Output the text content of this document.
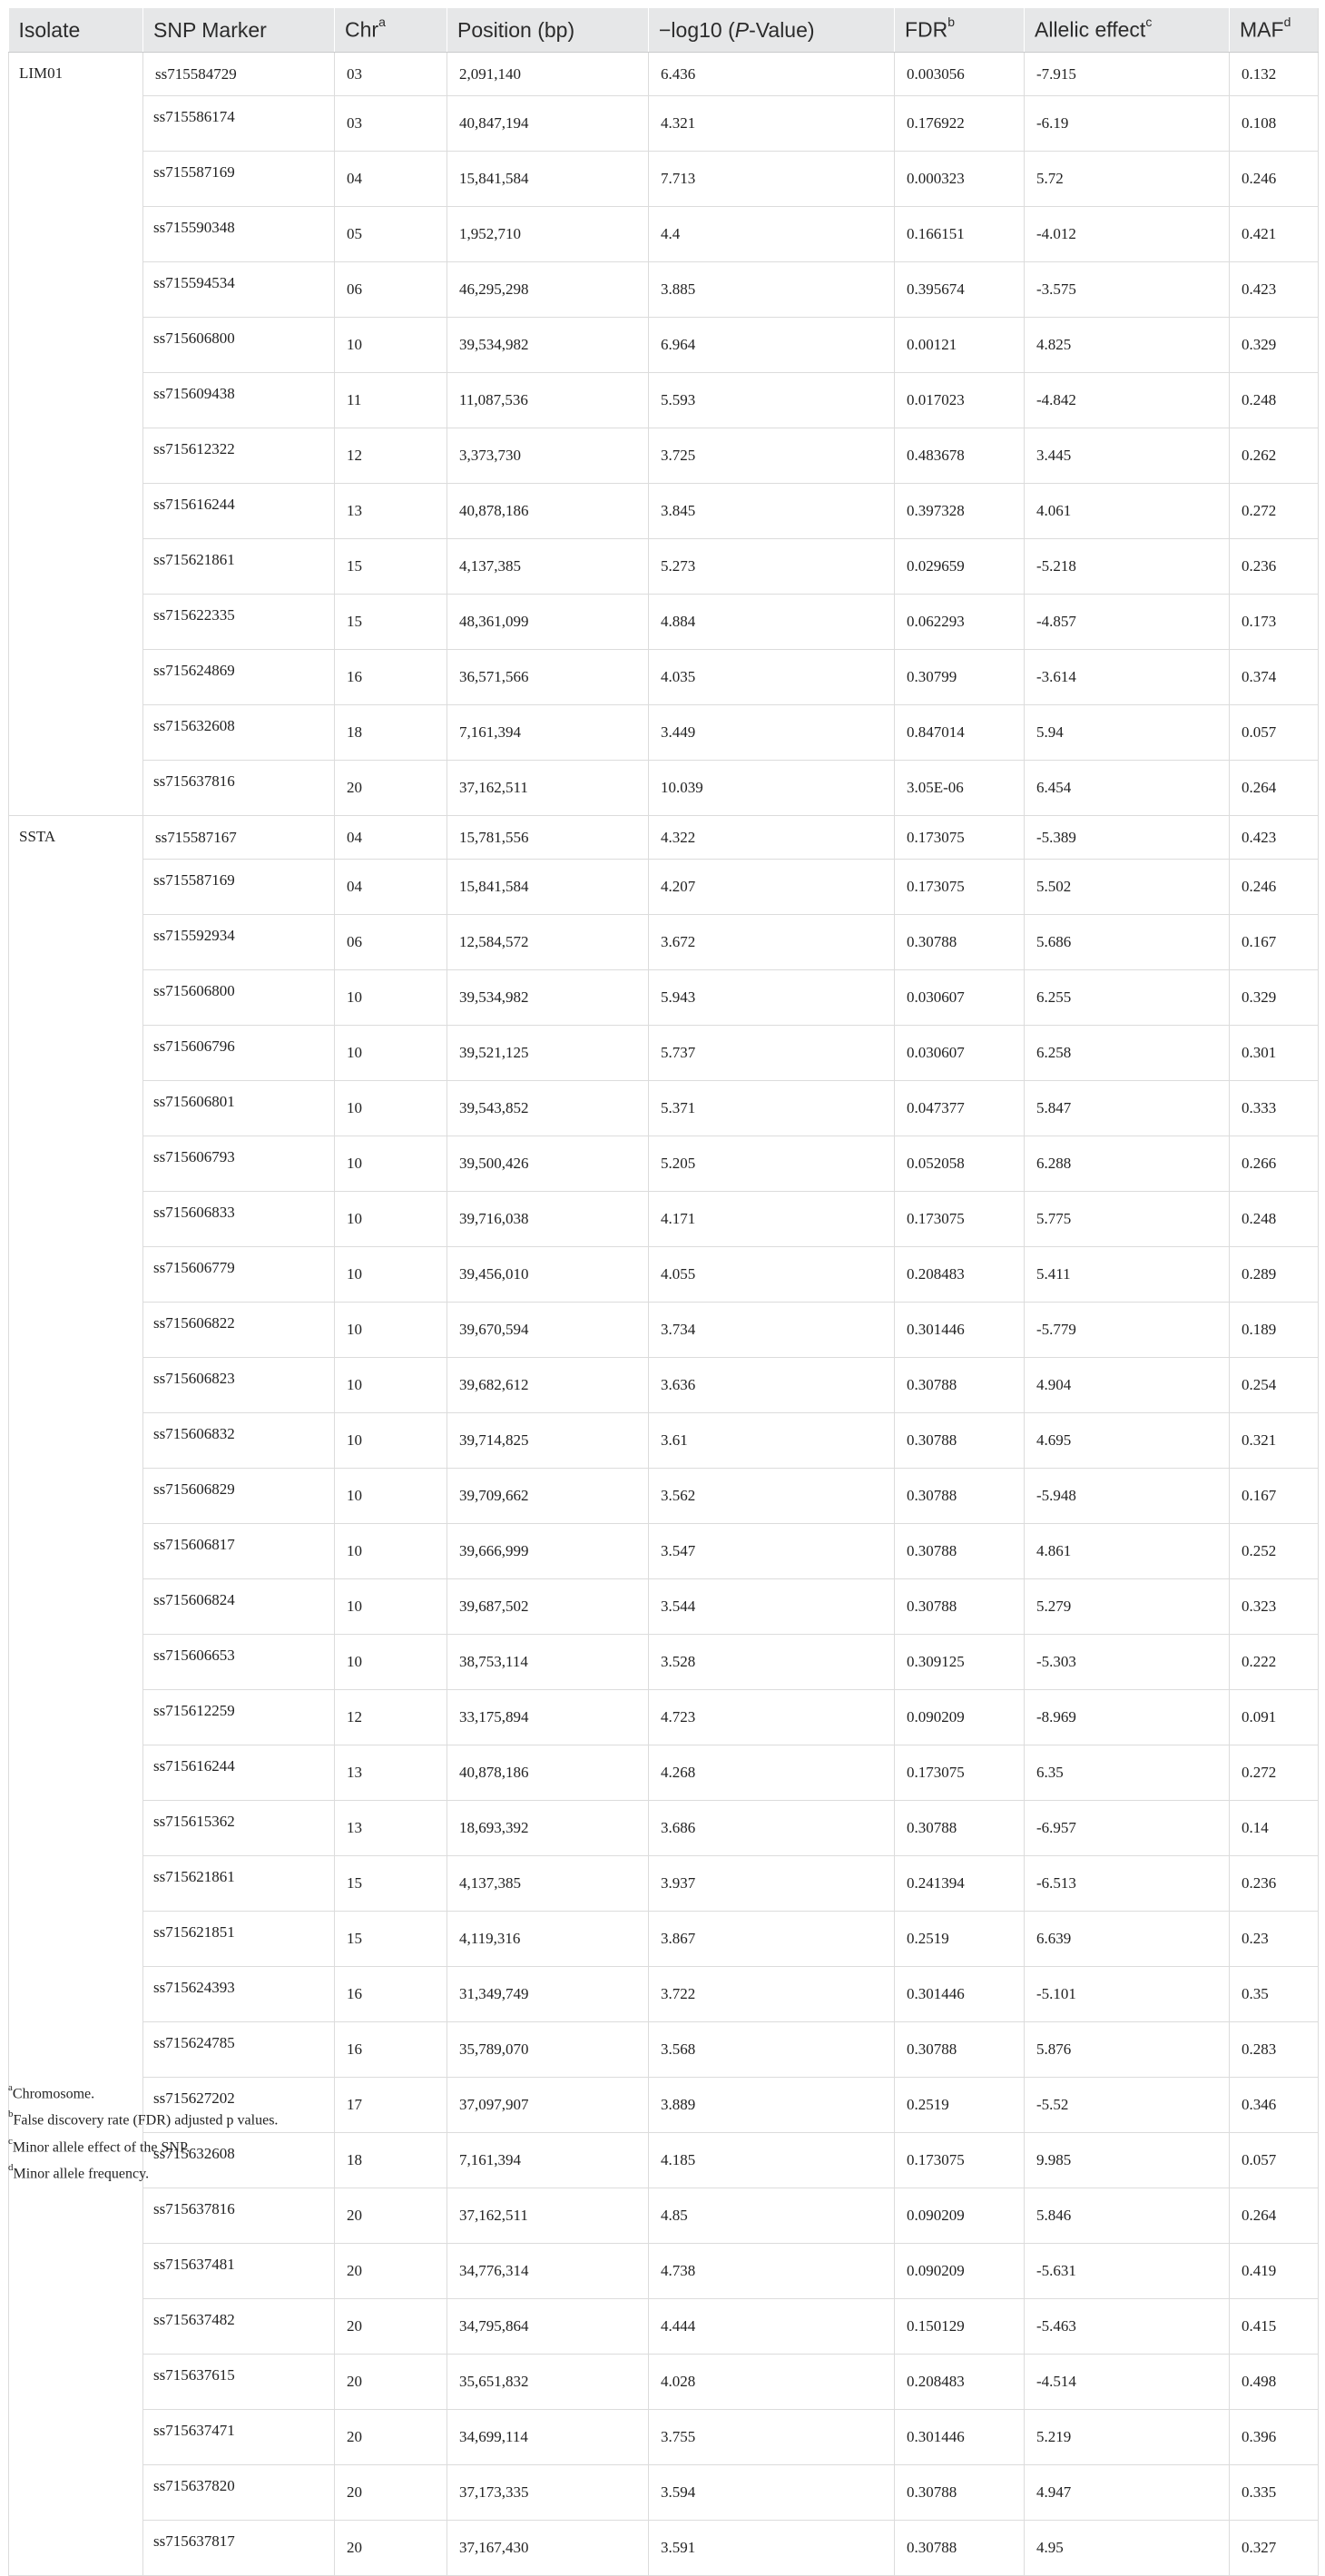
Isolate	SNP Marker	Chr$^a$	Position (bp)	−log10 (P-Value)	FDR$^b$	Allelic effect$^c$	MAF$^d$
LIM01	ss715584729	03	2,091,140	6.436	0.003056	-7.915	0.132
	ss715586174	03	40,847,194	4.321	0.176922	-6.19	0.108
	ss715587169	04	15,841,584	7.713	0.000323	5.72	0.246
	ss715590348	05	1,952,710	4.4	0.166151	-4.012	0.421
	ss715594534	06	46,295,298	3.885	0.395674	-3.575	0.423
	ss715606800	10	39,534,982	6.964	0.00121	4.825	0.329
	ss715609438	11	11,087,536	5.593	0.017023	-4.842	0.248
	ss715612322	12	3,373,730	3.725	0.483678	3.445	0.262
	ss715616244	13	40,878,186	3.845	0.397328	4.061	0.272
	ss715621861	15	4,137,385	5.273	0.029659	-5.218	0.236
	ss715622335	15	48,361,099	4.884	0.062293	-4.857	0.173
	ss715624869	16	36,571,566	4.035	0.30799	-3.614	0.374
	ss715632608	18	7,161,394	3.449	0.847014	5.94	0.057
	ss715637816	20	37,162,511	10.039	3.05E-06	6.454	0.264
SSTA	ss715587167	04	15,781,556	4.322	0.173075	-5.389	0.423
	ss715587169	04	15,841,584	4.207	0.173075	5.502	0.246
	ss715592934	06	12,584,572	3.672	0.30788	5.686	0.167
	ss715606800	10	39,534,982	5.943	0.030607	6.255	0.329
	ss715606796	10	39,521,125	5.737	0.030607	6.258	0.301
	ss715606801	10	39,543,852	5.371	0.047377	5.847	0.333
	ss715606793	10	39,500,426	5.205	0.052058	6.288	0.266
	ss715606833	10	39,716,038	4.171	0.173075	5.775	0.248
	ss715606779	10	39,456,010	4.055	0.208483	5.411	0.289
	ss715606822	10	39,670,594	3.734	0.301446	-5.779	0.189
	ss715606823	10	39,682,612	3.636	0.30788	4.904	0.254
	ss715606832	10	39,714,825	3.61	0.30788	4.695	0.321
	ss715606829	10	39,709,662	3.562	0.30788	-5.948	0.167
	ss715606817	10	39,666,999	3.547	0.30788	4.861	0.252
	ss715606824	10	39,687,502	3.544	0.30788	5.279	0.323
	ss715606653	10	38,753,114	3.528	0.309125	-5.303	0.222
	ss715612259	12	33,175,894	4.723	0.090209	-8.969	0.091
	ss715616244	13	40,878,186	4.268	0.173075	6.35	0.272
	ss715615362	13	18,693,392	3.686	0.30788	-6.957	0.14
	ss715621861	15	4,137,385	3.937	0.241394	-6.513	0.236
	ss715621851	15	4,119,316	3.867	0.2519	6.639	0.23
	ss715624393	16	31,349,749	3.722	0.301446	-5.101	0.35
	ss715624785	16	35,789,070	3.568	0.30788	5.876	0.283
	ss715627202	17	37,097,907	3.889	0.2519	-5.52	0.346
	ss715632608	18	7,161,394	4.185	0.173075	9.985	0.057
	ss715637816	20	37,162,511	4.85	0.090209	5.846	0.264
	ss715637481	20	34,776,314	4.738	0.090209	-5.631	0.419
	ss715637482	20	34,795,864	4.444	0.150129	-5.463	0.415
	ss715637615	20	35,651,832	4.028	0.208483	-4.514	0.498
	ss715637471	20	34,699,114	3.755	0.301446	5.219	0.396
	ss715637820	20	37,173,335	3.594	0.30788	4.947	0.335
	ss715637817	20	37,167,430	3.591	0.30788	4.95	0.327
$^a$Chromosome.
$^b$False discovery rate (FDR) adjusted p values.
$^c$Minor allele effect of the SNP.
$^d$Minor allele frequency.
